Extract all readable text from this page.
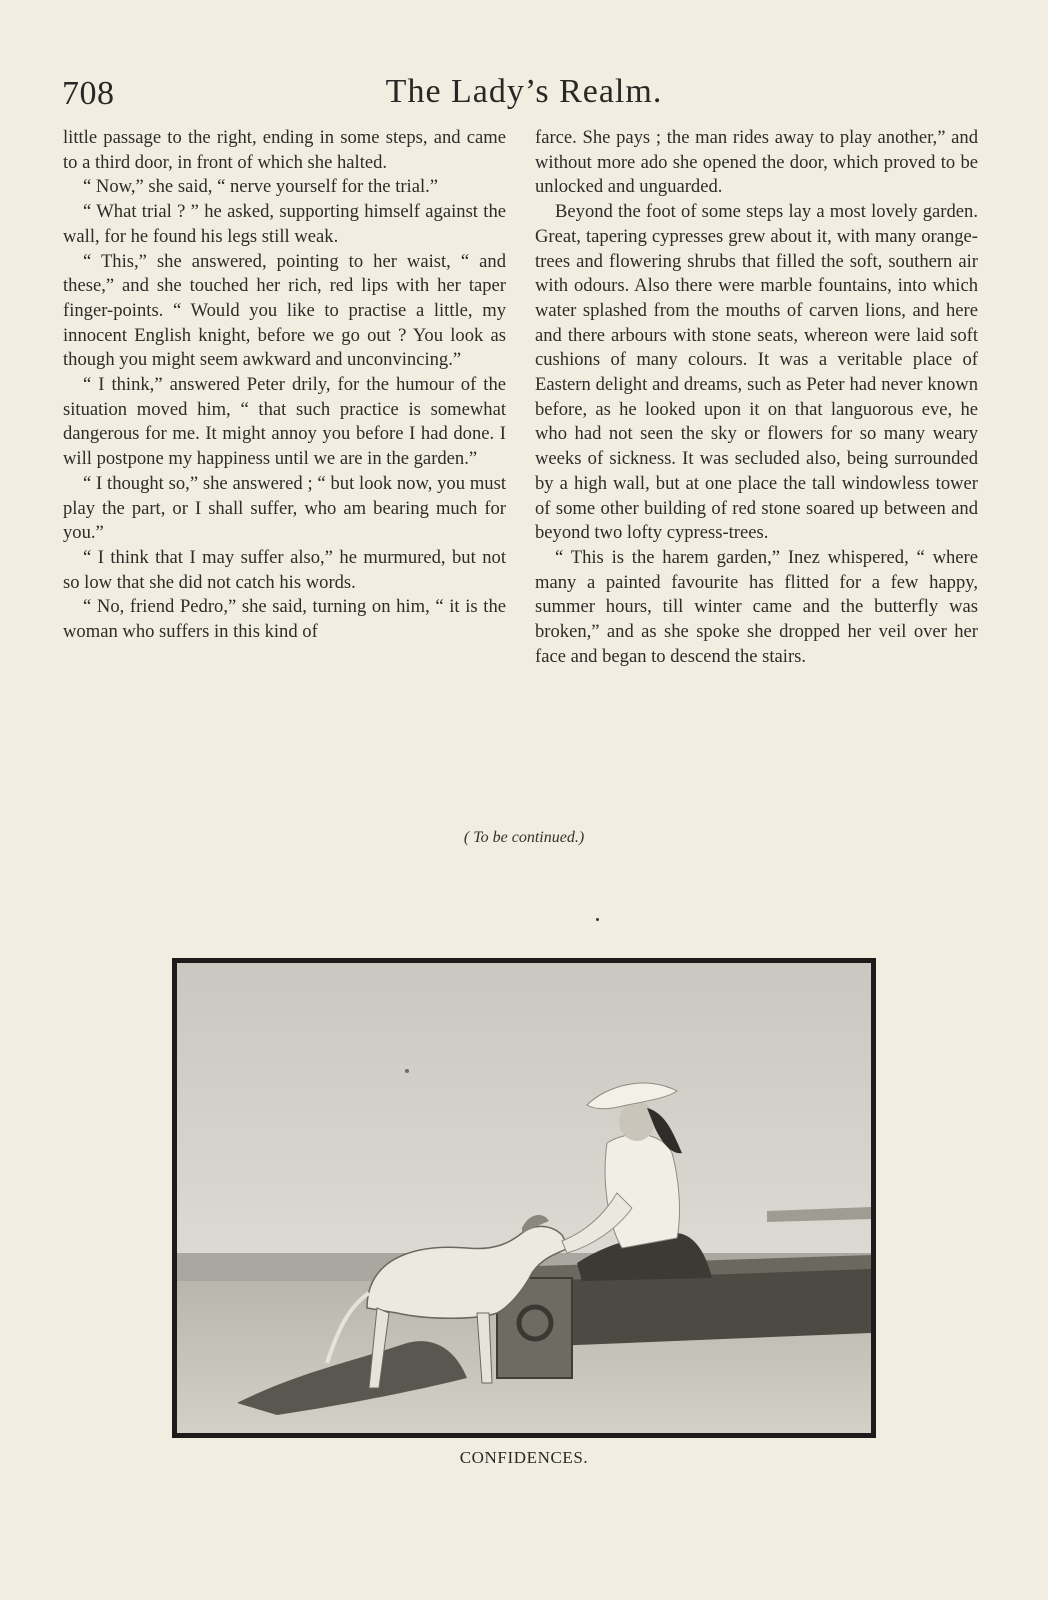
708	The Lady’s Realm.

little passage to the right, ending in some steps, and came to a third door, in front of which she halted.

“ Now,” she said, “ nerve yourself for the trial.”

“ What trial ? ” he asked, supporting himself against the wall, for he found his legs still weak.

“ This,” she answered, pointing to her waist, “ and these,” and she touched her rich, red lips with her taper finger-points. “ Would you like to practise a little, my innocent English knight, before we go out ? You look as though you might seem awkward and unconvincing.”

“ I think,” answered Peter drily, for the humour of the situation moved him, “ that such practice is somewhat dangerous for me. It might annoy you before I had done. I will postpone my happiness until we are in the garden.”

“ I thought so,” she answered ; “ but look now, you must play the part, or I shall suffer, who am bearing much for you.”

“ I think that I may suffer also,” he murmured, but not so low that she did not catch his words.

“ No, friend Pedro,” she said, turning on him, “ it is the woman who suffers in this kind of

farce. She pays ; the man rides away to play another,” and without more ado she opened the door, which proved to be unlocked and unguarded.

Beyond the foot of some steps lay a most lovely garden. Great, tapering cypresses grew about it, with many orange-trees and flowering shrubs that filled the soft, southern air with odours. Also there were marble fountains, into which water splashed from the mouths of carven lions, and here and there arbours with stone seats, whereon were laid soft cushions of many colours. It was a veritable place of Eastern delight and dreams, such as Peter had never known before, as he looked upon it on that languorous eve, he who had not seen the sky or flowers for so many weary weeks of sickness. It was secluded also, being surrounded by a high wall, but at one place the tall windowless tower of some other building of red stone soared up between and beyond two lofty cypress-trees.

“ This is the harem garden,” Inez whispered, “ where many a painted favourite has flitted for a few happy, summer hours, till winter came and the butterfly was broken,” and as she spoke she dropped her veil over her face and began to descend the stairs.

( To be continued.)
CONFIDENCES.
